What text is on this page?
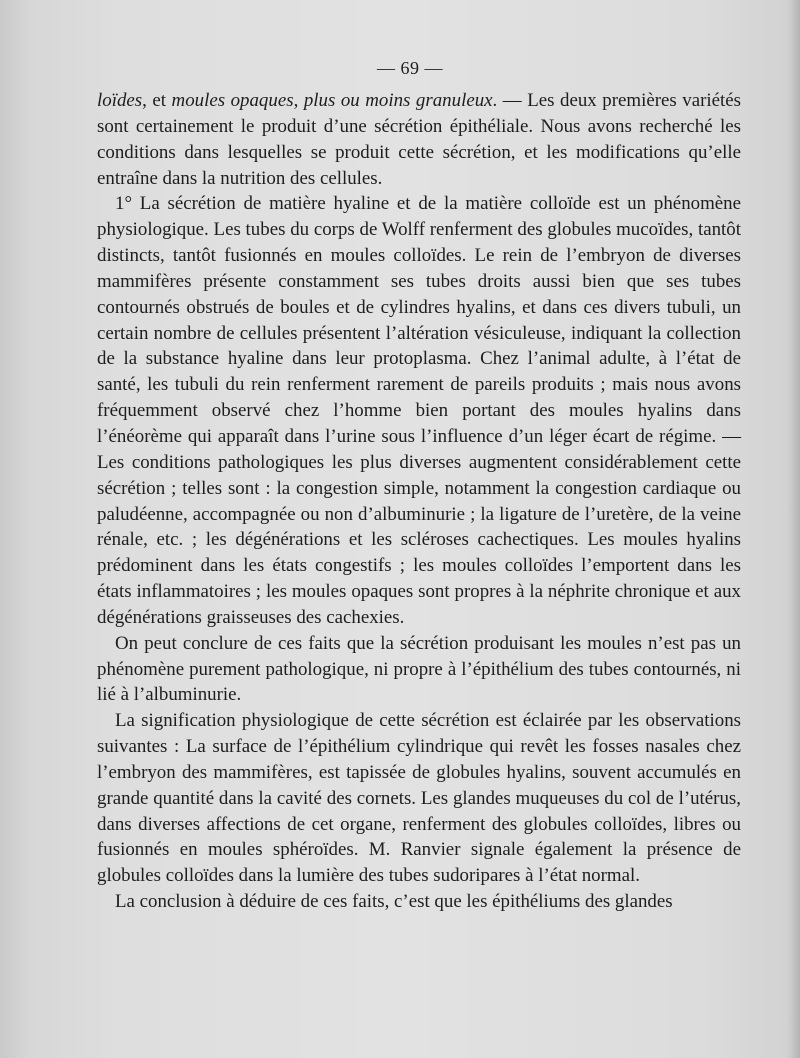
— 69 —

loïdes, et moules opaques, plus ou moins granuleux. — Les deux premières variétés sont certainement le produit d’une sécrétion épithéliale. Nous avons recherché les conditions dans lesquelles se produit cette sécrétion, et les modifications qu’elle entraîne dans la nutrition des cellules.

1° La sécrétion de matière hyaline et de la matière colloïde est un phénomène physiologique. Les tubes du corps de Wolff renferment des globules mucoïdes, tantôt distincts, tantôt fusionnés en moules colloïdes. Le rein de l’embryon de diverses mammifères présente constamment ses tubes droits aussi bien que ses tubes contournés obstrués de boules et de cylindres hyalins, et dans ces divers tubuli, un certain nombre de cellules présentent l’altération vésiculeuse, indiquant la collection de la substance hyaline dans leur protoplasma. Chez l’animal adulte, à l’état de santé, les tubuli du rein renferment rarement de pareils produits ; mais nous avons fréquemment observé chez l’homme bien portant des moules hyalins dans l’énéorème qui apparaît dans l’urine sous l’influence d’un léger écart de régime. — Les conditions pathologiques les plus diverses augmentent considérablement cette sécrétion ; telles sont : la congestion simple, notamment la congestion cardiaque ou paludéenne, accompagnée ou non d’albuminurie ; la ligature de l’uretère, de la veine rénale, etc. ; les dégénérations et les scléroses cachectiques. Les moules hyalins prédominent dans les états congestifs ; les moules colloïdes l’emportent dans les états inflammatoires ; les moules opaques sont propres à la néphrite chronique et aux dégénérations graisseuses des cachexies.

On peut conclure de ces faits que la sécrétion produisant les moules n’est pas un phénomène purement pathologique, ni propre à l’épithélium des tubes contournés, ni lié à l’albuminurie.

La signification physiologique de cette sécrétion est éclairée par les observations suivantes : La surface de l’épithélium cylindrique qui revêt les fosses nasales chez l’embryon des mammifères, est tapissée de globules hyalins, souvent accumulés en grande quantité dans la cavité des cornets. Les glandes muqueuses du col de l’utérus, dans diverses affections de cet organe, renferment des globules colloïdes, libres ou fusionnés en moules sphéroïdes. M. Ranvier signale également la présence de globules colloïdes dans la lumière des tubes sudoripares à l’état normal.

La conclusion à déduire de ces faits, c’est que les épithéliums des glandes
